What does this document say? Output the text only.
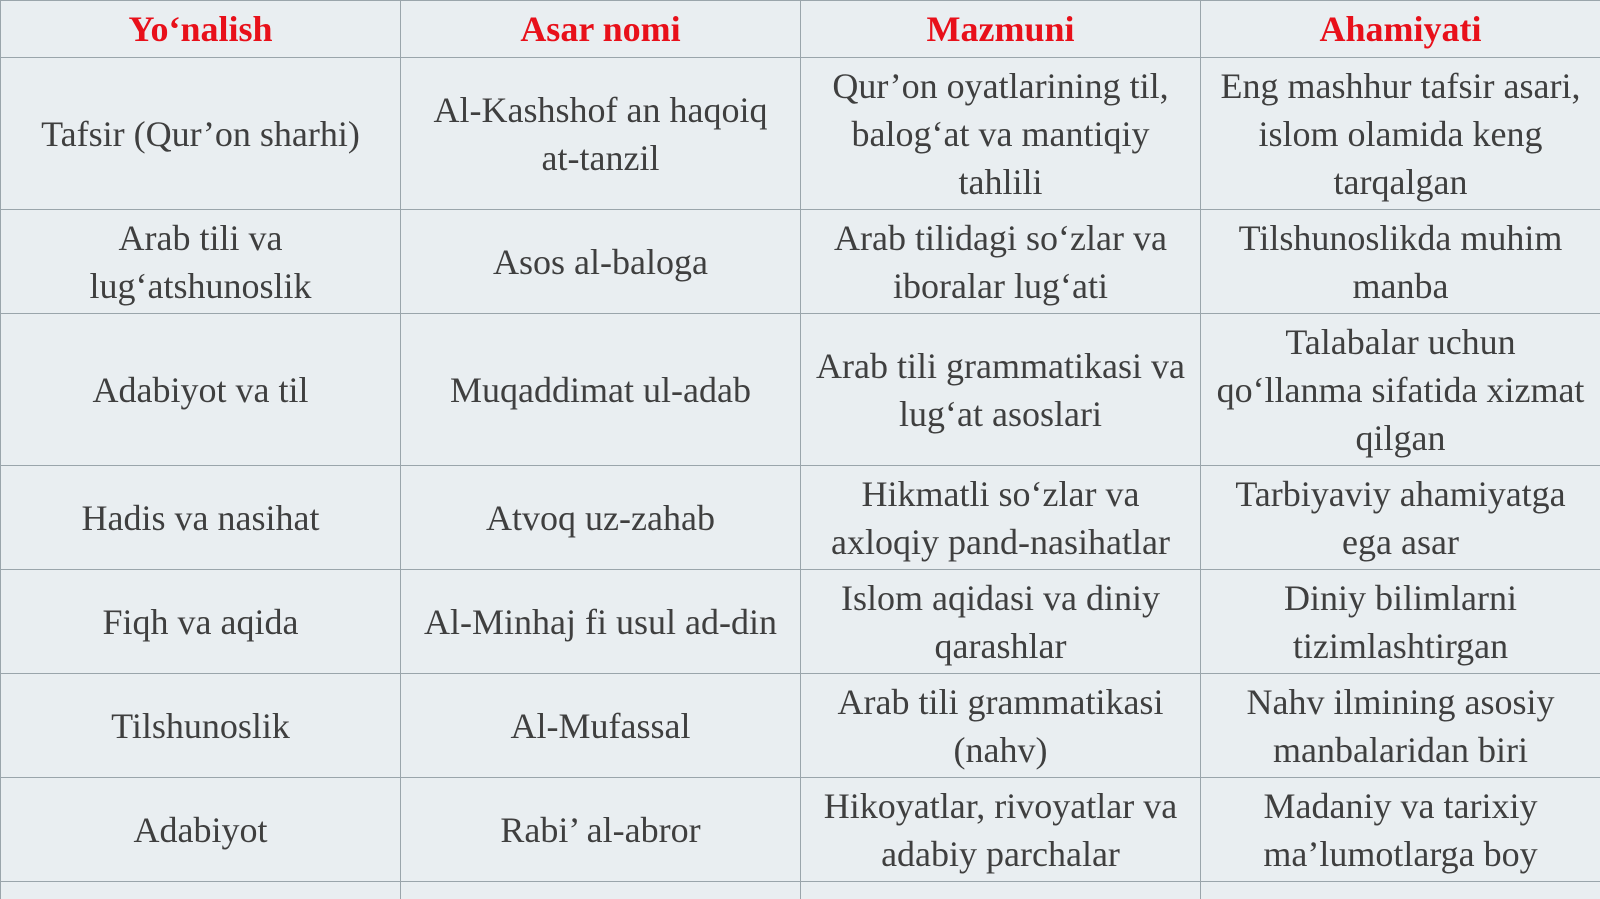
Yo‘nalish	Asar nomi	Mazmuni	Ahamiyati
Tafsir (Qur’on sharhi)	Al-Kashshof an haqoiq at-tanzil	Qur’on oyatlarining til, balog‘at va mantiqiy tahlili	Eng mashhur tafsir asari, islom olamida keng tarqalgan
Arab tili va lug‘atshunoslik	Asos al-baloga	Arab tilidagi so‘zlar va iboralar lug‘ati	Tilshunoslikda muhim manba
Adabiyot va til	Muqaddimat ul-adab	Arab tili grammatikasi va lug‘at asoslari	Talabalar uchun qo‘llanma sifatida xizmat qilgan
Hadis va nasihat	Atvoq uz-zahab	Hikmatli so‘zlar va axloqiy pand-nasihatlar	Tarbiyaviy ahamiyatga ega asar
Fiqh va aqida	Al-Minhaj fi usul ad-din	Islom aqidasi va diniy qarashlar	Diniy bilimlarni tizimlashtirgan
Tilshunoslik	Al-Mufassal	Arab tili grammatikasi (nahv)	Nahv ilmining asosiy manbalaridan biri
Adabiyot	Rabi’ al-abror	Hikoyatlar, rivoyatlar va adabiy parchalar	Madaniy va tarixiy ma’lumotlarga boy
